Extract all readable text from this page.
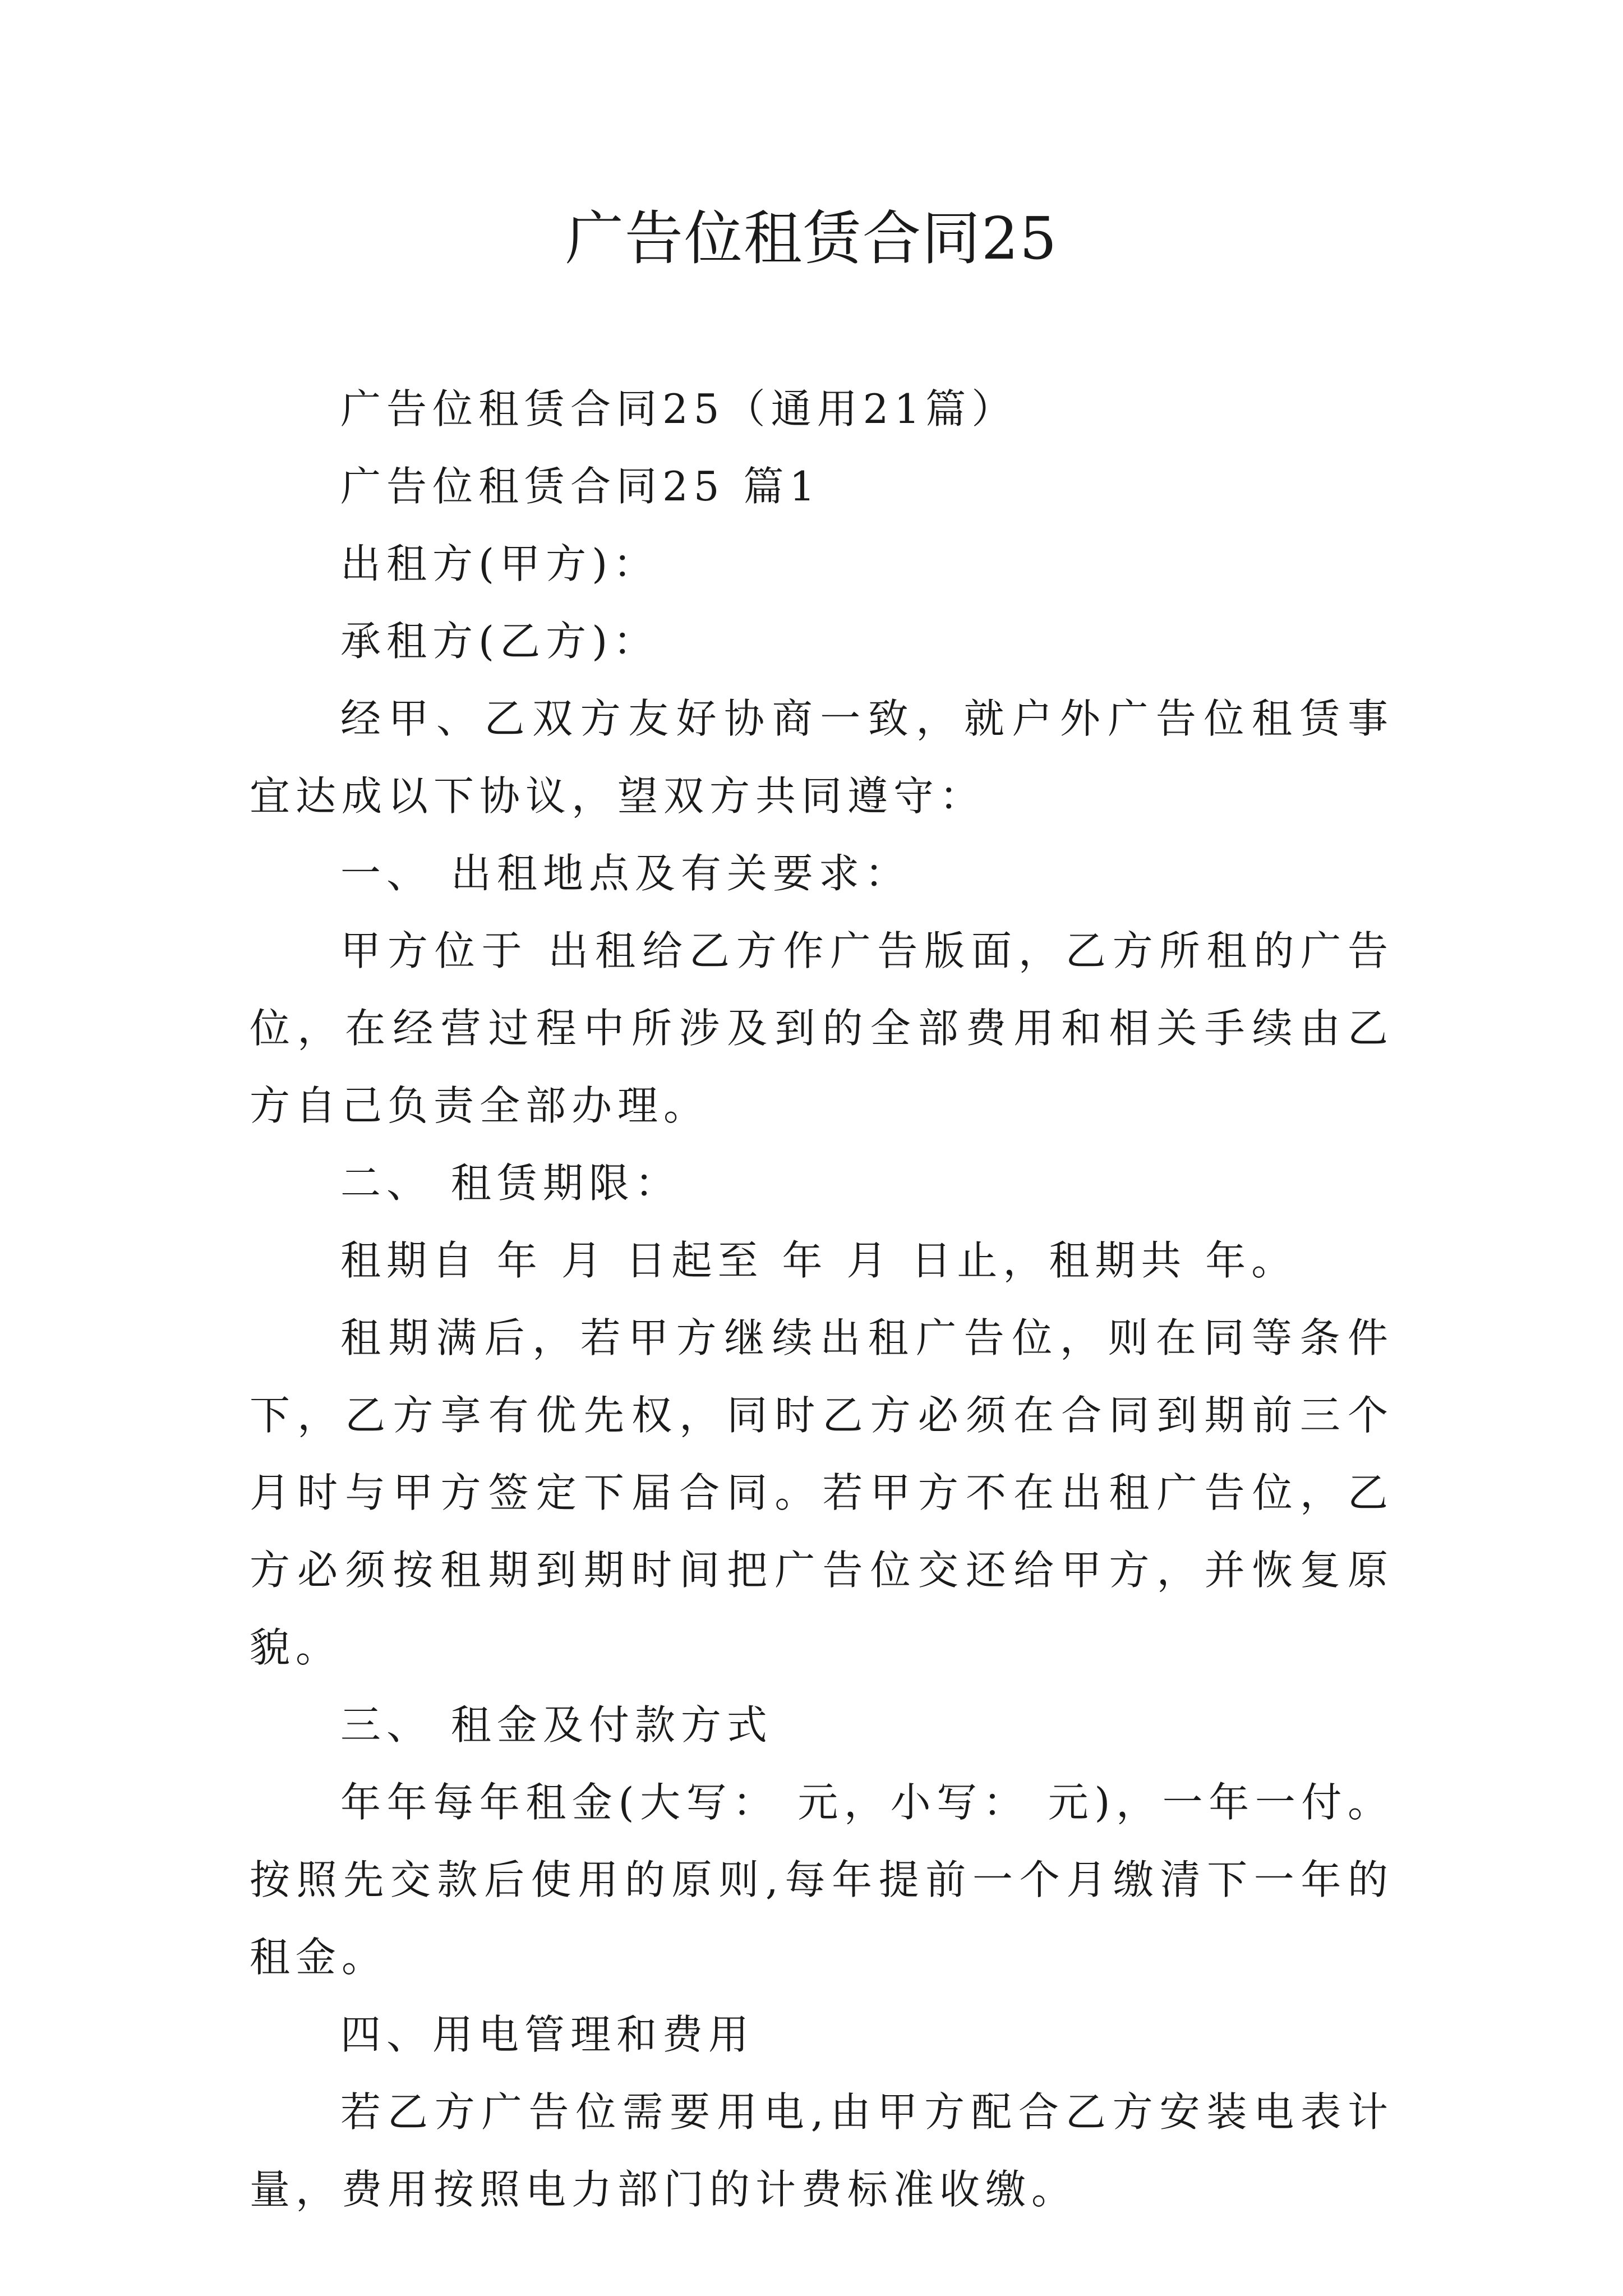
广告位租赁合同25

广告位租赁合同25（通用21篇）

广告位租赁合同25 篇1

出租方(甲方)：

承租方(乙方)：

经甲、乙双方友好协商一致，就户外广告位租赁事宜达成以下协议，望双方共同遵守：

一、 出租地点及有关要求：

甲方位于 出租给乙方作广告版面，乙方所租的广告位，在经营过程中所涉及到的全部费用和相关手续由乙方自己负责全部办理。

二、 租赁期限：

租期自 年 月 日起至 年 月 日止，租期共 年。

租期满后，若甲方继续出租广告位，则在同等条件下，乙方享有优先权，同时乙方必须在合同到期前三个月时与甲方签定下届合同。若甲方不在出租广告位，乙方必须按租期到期时间把广告位交还给甲方，并恢复原貌。

三、 租金及付款方式

年年每年租金(大写： 元，小写： 元)，一年一付。按照先交款后使用的原则,每年提前一个月缴清下一年的租金。

四、用电管理和费用

若乙方广告位需要用电,由甲方配合乙方安装电表计量，费用按照电力部门的计费标准收缴。
